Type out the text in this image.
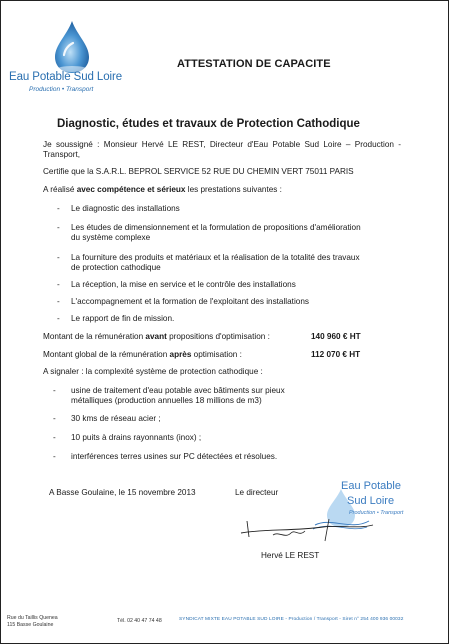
Eau Potable Sud Loire
Production • Transport
ATTESTATION DE CAPACITE
Diagnostic, études et travaux de Protection Cathodique
Je soussigné : Monsieur Hervé LE REST, Directeur d'Eau Potable Sud Loire – Production - Transport,
Certifie que la S.A.R.L. BEPROL SERVICE 52 RUE DU CHEMIN VERT 75011 PARIS
A réalisé avec compétence et sérieux les prestations suivantes :
- Le diagnostic des installations
- Les études de dimensionnement et la formulation de propositions d'amélioration
du système complexe
- La fourniture des produits et matériaux et la réalisation de la totalité des travaux
de protection cathodique
- La réception, la mise en service et le contrôle des installations
- L'accompagnement et la formation de l'exploitant des installations
- Le rapport de fin de mission.
Montant de la rémunération avant propositions d'optimisation :	140 960 € HT
Montant global de la rémunération après optimisation :	112 070 € HT
A signaler : la complexité système de protection cathodique :
- usine de traitement d'eau potable avec bâtiments sur pieux
métalliques (production annuelles 18 millions de m3)
- 30 kms de réseau acier ;
- 10 puits à drains rayonnants (inox) ;
- interférences terres usines sur PC détectées et résolues.
A Basse Goulaine, le 15 novembre 2013	Le directeur
Eau Potable
Sud Loire
Production • Transport
Hervé LE REST
Rue du Taillis Quenea
115 Basse Goulaine
Tél. 02 40 47 74 48	SYNDICAT MIXTE EAU POTABLE SUD LOIRE - Production / Transport - Siret n° 254 400 936 00032
